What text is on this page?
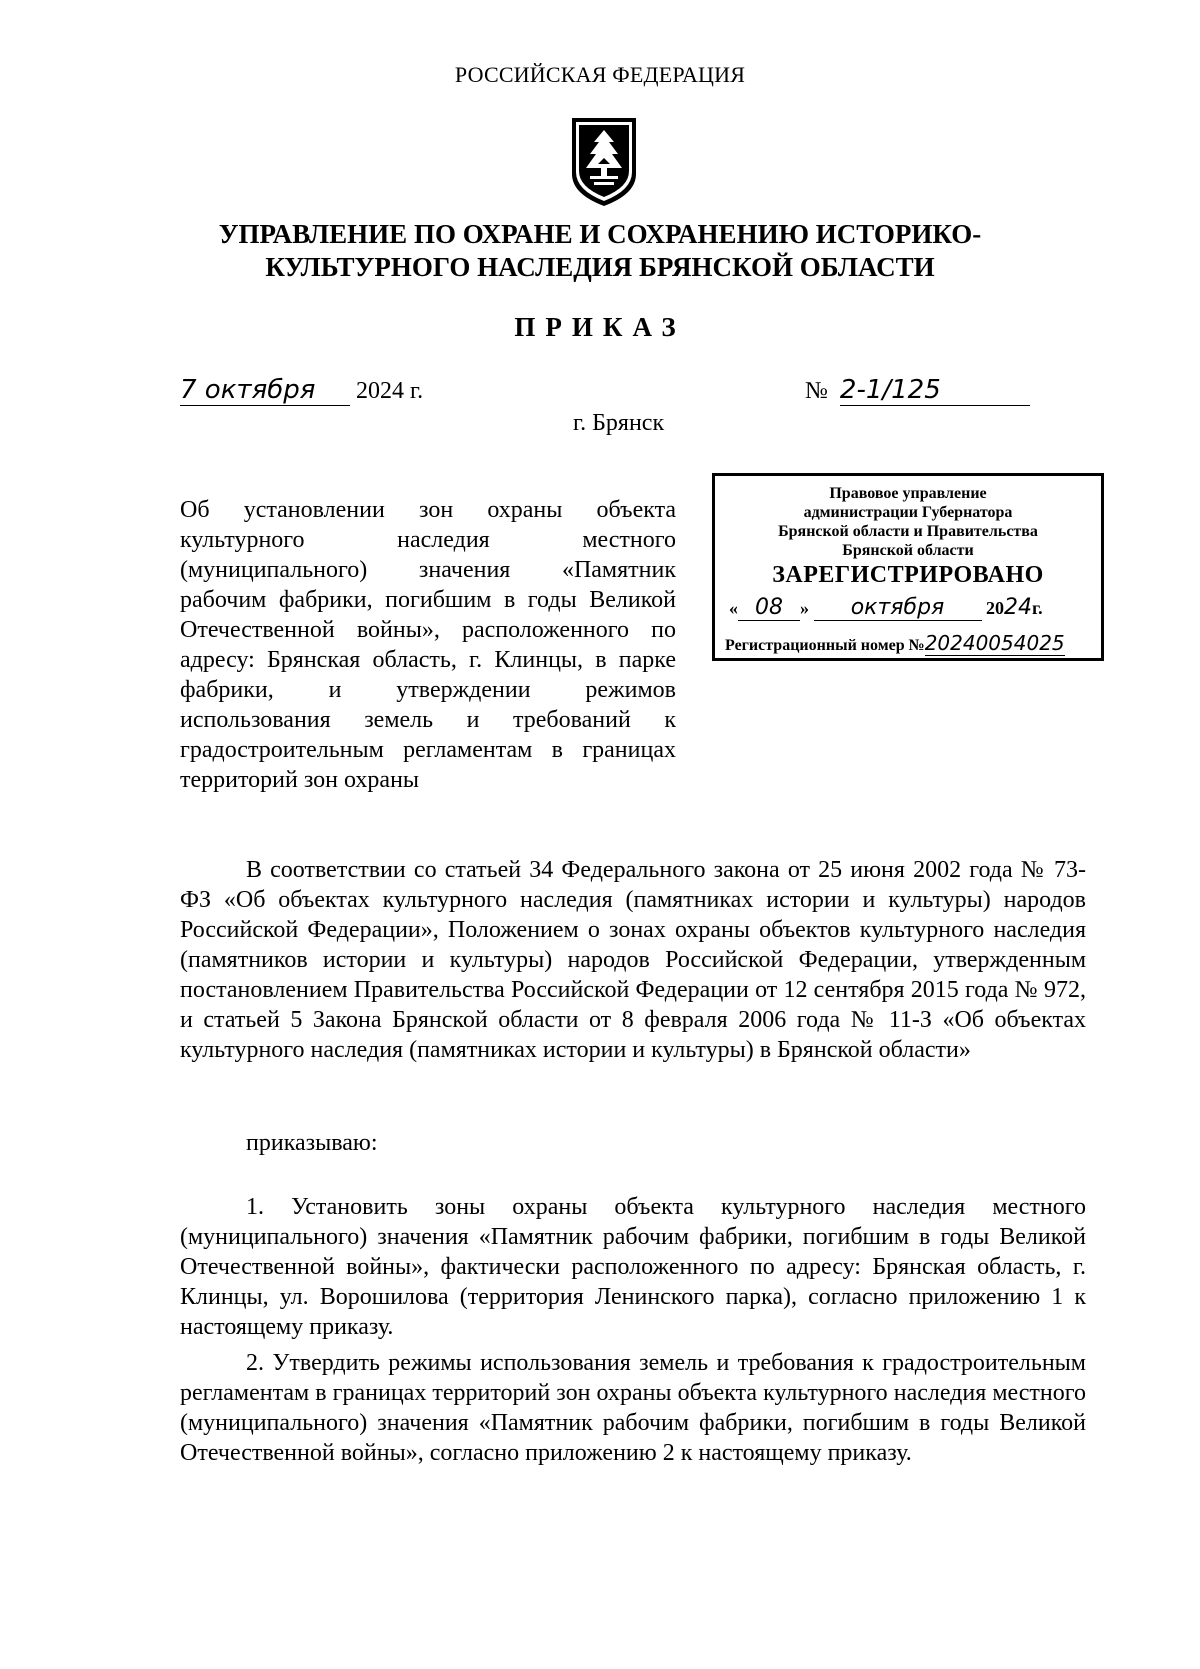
РОССИЙСКАЯ ФЕДЕРАЦИЯ
УПРАВЛЕНИЕ ПО ОХРАНЕ И СОХРАНЕНИЮ ИСТОРИКО-
КУЛЬТУРНОГО НАСЛЕДИЯ БРЯНСКОЙ ОБЛАСТИ
ПРИКАЗ
7 октября 2024 г.	№ 2-1/125
г. Брянск
Правовое управление
администрации Губернатора
Брянской области и Правительства
Брянской области
ЗАРЕГИСТРИРОВАНО
« 08 » октября 2024г.
Регистрационный номер №20240054025
Об установлении зон охраны объекта культурного наследия местного (муниципального) значения «Памятник рабочим фабрики, погибшим в годы Великой Отечественной войны», расположенного по адресу: Брянская область, г. Клинцы, в парке фабрики, и утверждении режимов использования земель и требований к градостроительным регламентам в границах территорий зон охраны
В соответствии со статьей 34 Федерального закона от 25 июня 2002 года № 73-ФЗ «Об объектах культурного наследия (памятниках истории и культуры) народов Российской Федерации», Положением о зонах охраны объектов культурного наследия (памятников истории и культуры) народов Российской Федерации, утвержденным постановлением Правительства Российской Федерации от 12 сентября 2015 года № 972, и статьей 5 Закона Брянской области от 8 февраля 2006 года № 11-З «Об объектах культурного наследия (памятниках истории и культуры) в Брянской области»
приказываю:
1. Установить зоны охраны объекта культурного наследия местного (муниципального) значения «Памятник рабочим фабрики, погибшим в годы Великой Отечественной войны», фактически расположенного по адресу: Брянская область, г. Клинцы, ул. Ворошилова (территория Ленинского парка), согласно приложению 1 к настоящему приказу.
2. Утвердить режимы использования земель и требования к градостроительным регламентам в границах территорий зон охраны объекта культурного наследия местного (муниципального) значения «Памятник рабочим фабрики, погибшим в годы Великой Отечественной войны», согласно приложению 2 к настоящему приказу.
